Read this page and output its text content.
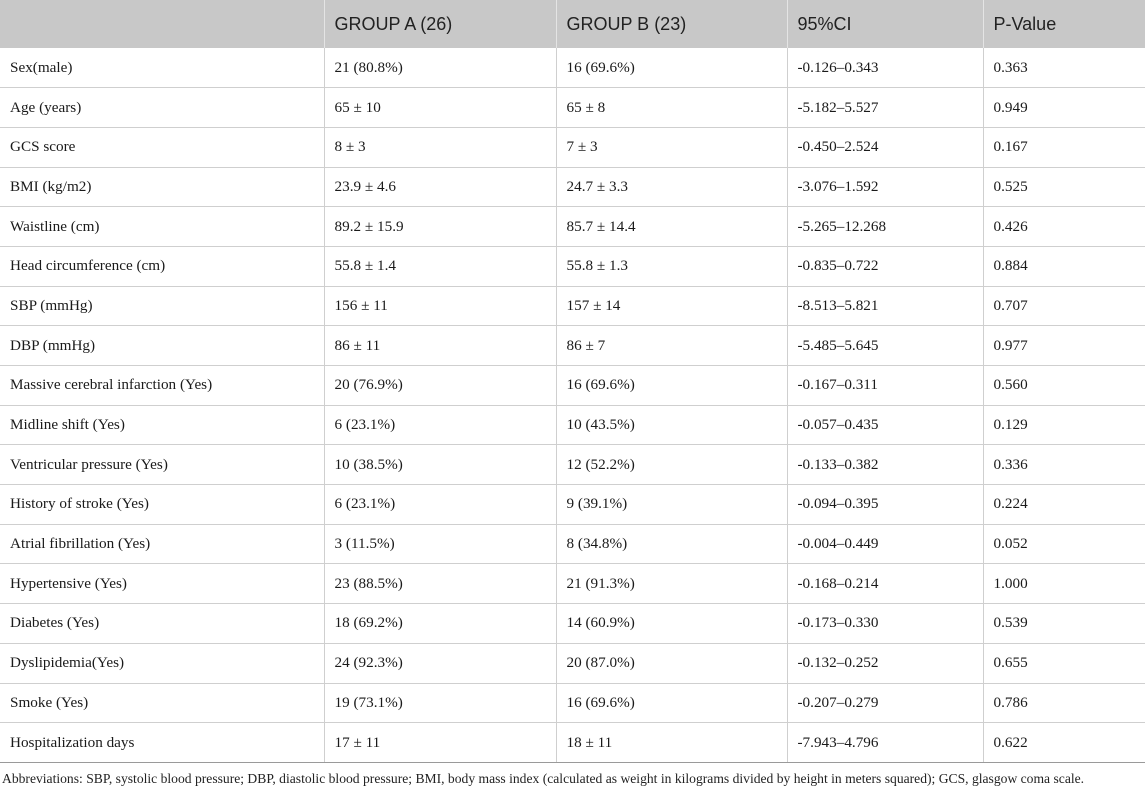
	GROUP A (26)	GROUP B (23)	95%CI	P-Value
Sex(male)	21 (80.8%)	16 (69.6%)	-0.126–0.343	0.363
Age (years)	65 ± 10	65 ± 8	-5.182–5.527	0.949
GCS score	8 ± 3	7 ± 3	-0.450–2.524	0.167
BMI (kg/m2)	23.9 ± 4.6	24.7 ± 3.3	-3.076–1.592	0.525
Waistline (cm)	89.2 ± 15.9	85.7 ± 14.4	-5.265–12.268	0.426
Head circumference (cm)	55.8 ± 1.4	55.8 ± 1.3	-0.835–0.722	0.884
SBP (mmHg)	156 ± 11	157 ± 14	-8.513–5.821	0.707
DBP (mmHg)	86 ± 11	86 ± 7	-5.485–5.645	0.977
Massive cerebral infarction (Yes)	20 (76.9%)	16 (69.6%)	-0.167–0.311	0.560
Midline shift (Yes)	6 (23.1%)	10 (43.5%)	-0.057–0.435	0.129
Ventricular pressure (Yes)	10 (38.5%)	12 (52.2%)	-0.133–0.382	0.336
History of stroke (Yes)	6 (23.1%)	9 (39.1%)	-0.094–0.395	0.224
Atrial fibrillation (Yes)	3 (11.5%)	8 (34.8%)	-0.004–0.449	0.052
Hypertensive (Yes)	23 (88.5%)	21 (91.3%)	-0.168–0.214	1.000
Diabetes (Yes)	18 (69.2%)	14 (60.9%)	-0.173–0.330	0.539
Dyslipidemia(Yes)	24 (92.3%)	20 (87.0%)	-0.132–0.252	0.655
Smoke (Yes)	19 (73.1%)	16 (69.6%)	-0.207–0.279	0.786
Hospitalization days	17 ± 11	18 ± 11	-7.943–4.796	0.622
Abbreviations: SBP, systolic blood pressure; DBP, diastolic blood pressure; BMI, body mass index (calculated as weight in kilograms divided by height in meters squared); GCS, glasgow coma scale.
